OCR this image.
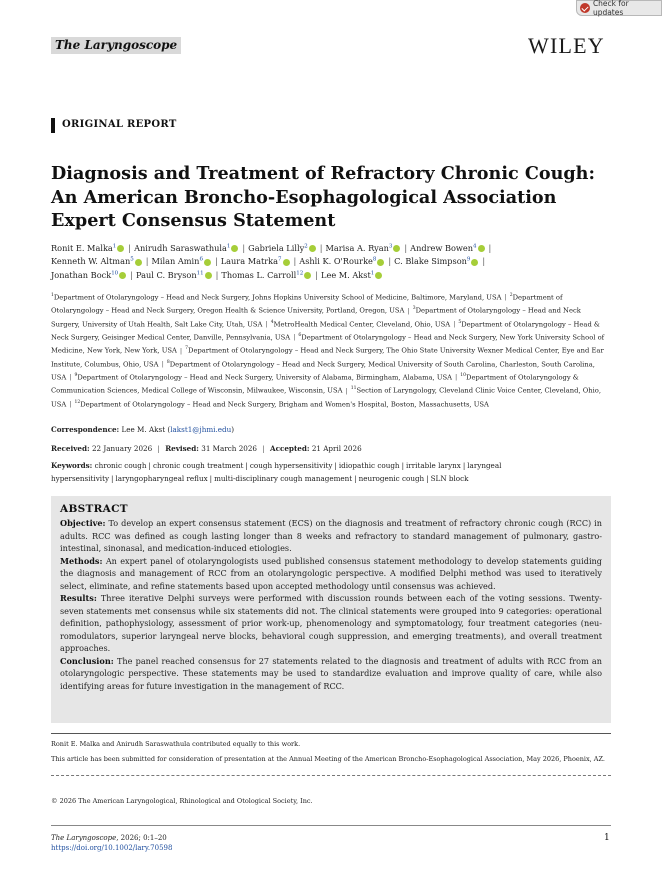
Check for updates
The Laryngoscope	WILEY
ORIGINAL REPORT
Diagnosis and Treatment of Refractory Chronic Cough: An American Broncho-Esophagological Association Expert Consensus Statement
Ronit E. Malka$^1$ | Anirudh Saraswathula$^1$ | Gabriela Lilly$^2$ | Marisa A. Ryan$^3$ | Andrew Bowen$^4$ |
Kenneth W. Altman$^5$ | Milan Amin$^6$ | Laura Matrka$^7$ | Ashli K. O'Rourke$^8$ | C. Blake Simpson$^9$ |
Jonathan Bock$^{10}$ | Paul C. Bryson$^{11}$ | Thomas L. Carroll$^{12}$ | Lee M. Akst$^1$
$^1$Department of Otolaryngology – Head and Neck Surgery, Johns Hopkins University School of Medicine, Baltimore, Maryland, USA | $^2$Department of Otolaryngology – Head and Neck Surgery, Oregon Health & Science University, Portland, Oregon, USA | $^3$Department of Otolaryngology – Head and Neck Surgery, University of Utah Health, Salt Lake City, Utah, USA | $^4$MetroHealth Medical Center, Cleveland, Ohio, USA | $^5$Department of Otolaryngology – Head & Neck Surgery, Geisinger Medical Center, Danville, Pennsylvania, USA | $^6$Department of Otolaryngology – Head and Neck Surgery, New York University School of Medicine, New York, New York, USA | $^7$Department of Otolaryngology – Head and Neck Surgery, The Ohio State University Wexner Medical Center, Eye and Ear Institute, Columbus, Ohio, USA | $^8$Department of Otolaryngology – Head and Neck Surgery, Medical University of South Carolina, Charleston, South Carolina, USA | $^9$Department of Otolaryngology – Head and Neck Surgery, University of Alabama, Birmingham, Alabama, USA | $^{10}$Department of Otolaryngology & Communication Sciences, Medical College of Wisconsin, Milwaukee, Wisconsin, USA | $^{11}$Section of Laryngology, Cleveland Clinic Voice Center, Cleveland, Ohio, USA | $^{12}$Department of Otolaryngology – Head and Neck Surgery, Brigham and Women's Hospital, Boston, Massachusetts, USA
Correspondence: Lee M. Akst (lakst1@jhmi.edu)
Received: 22 January 2026 | Revised: 31 March 2026 | Accepted: 21 April 2026
Keywords: chronic cough | chronic cough treatment | cough hypersensitivity | idiopathic cough | irritable larynx | laryngeal hypersensitivity | laryngopharyngeal reflux | multi-disciplinary cough management | neurogenic cough | SLN block
ABSTRACT

Objective: To develop an expert consensus statement (ECS) on the diagnosis and treatment of refractory chronic cough (RCC) in adults. RCC was defined as cough lasting longer than 8 weeks and refractory to standard management of pulmonary, gastro-intestinal, sinonasal, and medication-induced etiologies.

Methods: An expert panel of otolaryngologists used published consensus statement methodology to develop statements guiding the diagnosis and management of RCC from an otolaryngologic perspective. A modified Delphi method was used to iteratively select, eliminate, and refine statements based upon accepted methodology until consensus was achieved.

Results: Three iterative Delphi surveys were performed with discussion rounds between each of the voting sessions. Twenty-seven statements met consensus while six statements did not. The clinical statements were grouped into 9 categories: operational definition, pathophysiology, assessment of prior work-up, phenomenology and symptomatology, four treatment categories (neu-romodulators, superior laryngeal nerve blocks, behavioral cough suppression, and emerging treatments), and overall treatment approaches.

Conclusion: The panel reached consensus for 27 statements related to the diagnosis and treatment of adults with RCC from an otolaryngologic perspective. These statements may be used to standardize evaluation and improve quality of care, while also identifying areas for future investigation in the management of RCC.

Ronit E. Malka and Anirudh Saraswathula contributed equally to this work.
This article has been submitted for consideration of presentation at the Annual Meeting of the American Broncho-Esophagological Association, May 2026, Phoenix, AZ.
© 2026 The American Laryngological, Rhinological and Otological Society, Inc.
The Laryngoscope, 2026; 0:1–20
https://doi.org/10.1002/lary.70598
1
